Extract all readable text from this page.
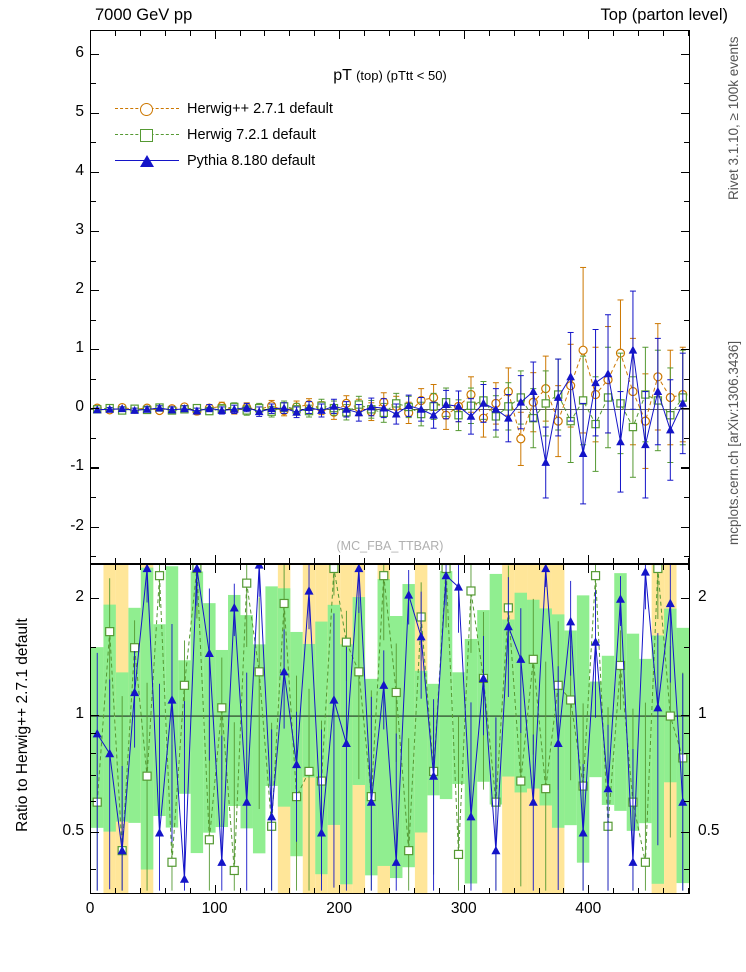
7000 GeV pp	Top (parton level)
Rivet 3.1.10, ≥ 100k events
mcplots.cern.ch [arXiv:1306.3436]
pT (top) (pTtt < 50)
(MC_FBA_TTBAR)
Herwig++ 2.7.1 default
Herwig 7.2.1 default
Pythia 8.180 default
Ratio to Herwig++ 2.7.1 default
-2
-1
0
1
2
3
4
5
6
0.5	0.5
1	1
2	2
0	100	200	300	400
